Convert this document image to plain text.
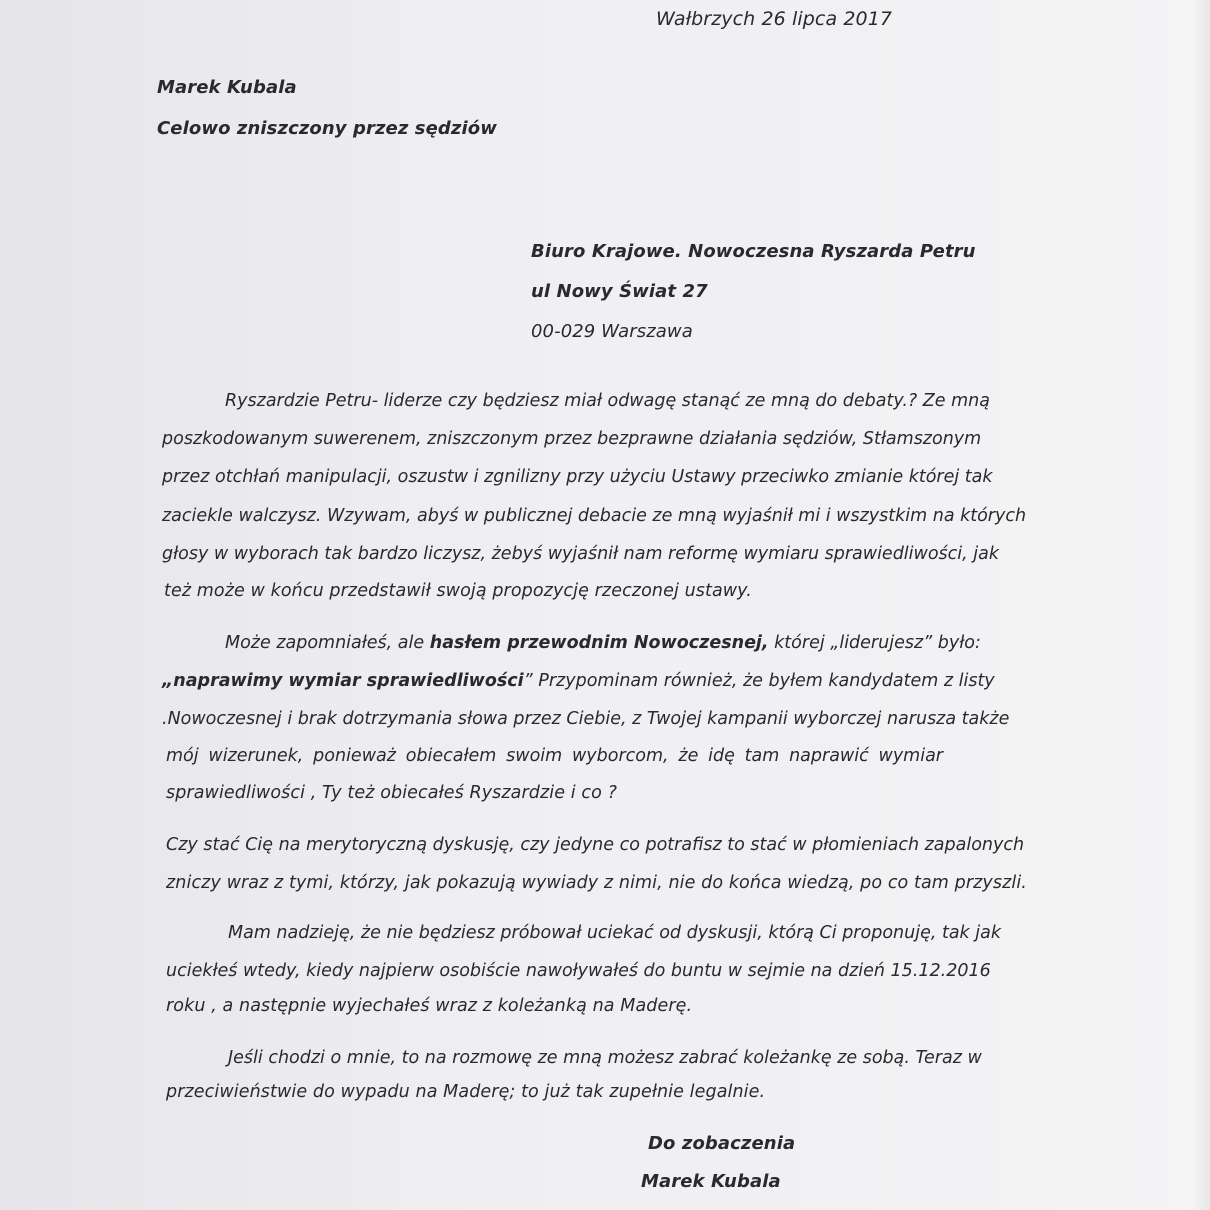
Wałbrzych 26 lipca 2017
Marek Kubala
Celowo zniszczony przez sędziów
Biuro Krajowe. Nowoczesna Ryszarda Petru
ul Nowy Świat 27
00-029 Warszawa
Ryszardzie Petru- liderze czy będziesz miał odwagę stanąć ze mną do debaty.? Ze mną
poszkodowanym suwerenem, zniszczonym przez bezprawne działania sędziów, Stłamszonym
przez otchłań manipulacji, oszustw i zgnilizny przy użyciu Ustawy przeciwko zmianie której tak
zaciekle walczysz. Wzywam, abyś w publicznej debacie ze mną wyjaśnił mi i wszystkim na których
głosy w wyborach tak bardzo liczysz, żebyś wyjaśnił nam reformę wymiaru sprawiedliwości, jak
też może w końcu przedstawił swoją propozycję rzeczonej ustawy.
Może zapomniałeś, ale hasłem przewodnim Nowoczesnej, której „liderujesz” było:
„naprawimy wymiar sprawiedliwości” Przypominam również, że byłem kandydatem z listy
.Nowoczesnej i brak dotrzymania słowa przez Ciebie, z Twojej kampanii wyborczej narusza także
mój wizerunek, ponieważ obiecałem swoim wyborcom, że idę tam naprawić wymiar
sprawiedliwości , Ty też obiecałeś Ryszardzie i co ?
Czy stać Cię na merytoryczną dyskusję, czy jedyne co potrafisz to stać w płomieniach zapalonych
zniczy wraz z tymi, którzy, jak pokazują wywiady z nimi, nie do końca wiedzą, po co tam przyszli.
Mam nadzieję, że nie będziesz próbował uciekać od dyskusji, którą Ci proponuję, tak jak
uciekłeś wtedy, kiedy najpierw osobiście nawoływałeś do buntu w sejmie na dzień 15.12.2016
roku , a następnie wyjechałeś wraz z koleżanką na Maderę.
Jeśli chodzi o mnie, to na rozmowę ze mną możesz zabrać koleżankę ze sobą. Teraz w
przeciwieństwie do wypadu na Maderę; to już tak zupełnie legalnie.
Do zobaczenia
Marek Kubala
